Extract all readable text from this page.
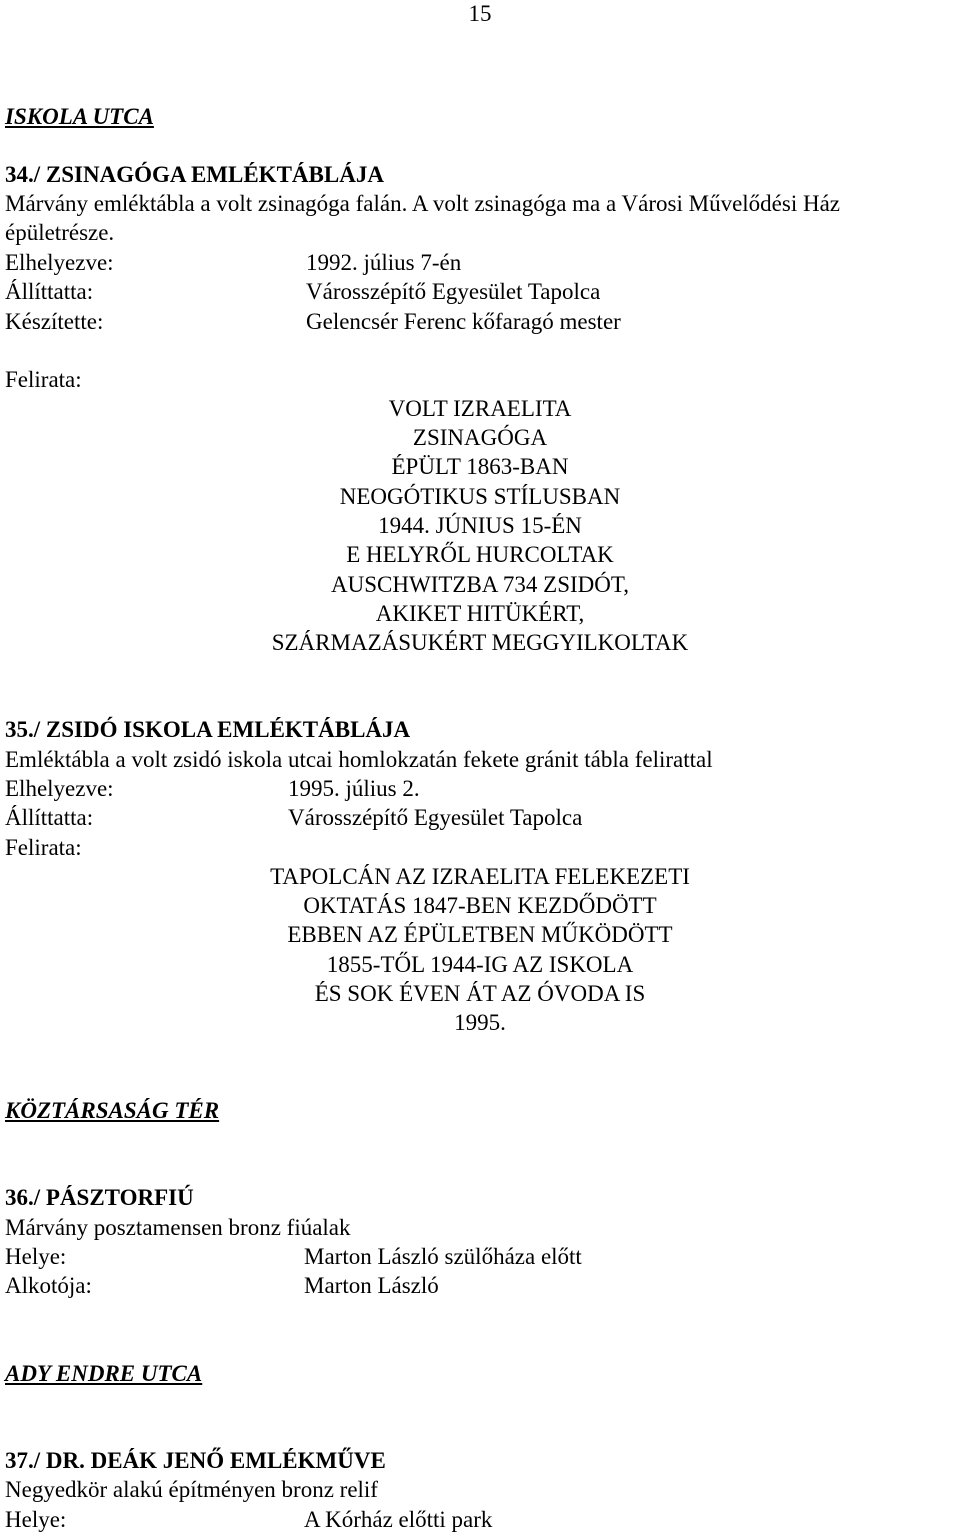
15
ISKOLA UTCA
34./ ZSINAGÓGA EMLÉKTÁBLÁJA
Márvány emléktábla a volt zsinagóga falán. A volt zsinagóga ma a Városi Művelődési Ház
épületrésze.
Elhelyezve:	1992. július 7-én
Állíttatta:	Városszépítő Egyesület Tapolca
Készítette:	Gelencsér Ferenc kőfaragó mester
Felirata:
VOLT IZRAELITA
ZSINAGÓGA
ÉPÜLT 1863-BAN
NEOGÓTIKUS STÍLUSBAN
1944. JÚNIUS 15-ÉN
E HELYRŐL HURCOLTAK
AUSCHWITZBA 734 ZSIDÓT,
AKIKET HITÜKÉRT,
SZÁRMAZÁSUKÉRT MEGGYILKOLTAK
35./ ZSIDÓ ISKOLA EMLÉKTÁBLÁJA
Emléktábla a volt zsidó iskola utcai homlokzatán fekete gránit tábla felirattal
Elhelyezve:	1995. július 2.
Állíttatta:	Városszépítő Egyesület Tapolca
Felirata:
TAPOLCÁN AZ IZRAELITA FELEKEZETI
OKTATÁS 1847-BEN KEZDŐDÖTT
EBBEN AZ ÉPÜLETBEN MŰKÖDÖTT
1855-TŐL 1944-IG AZ ISKOLA
ÉS SOK ÉVEN ÁT AZ ÓVODA IS
1995.
KÖZTÁRSASÁG TÉR
36./ PÁSZTORFIÚ
Márvány posztamensen bronz fiúalak
Helye:	Marton László szülőháza előtt
Alkotója:	Marton László
ADY ENDRE UTCA
37./ DR. DEÁK JENŐ EMLÉKMŰVE
Negyedkör alakú építményen bronz relif
Helye:	A Kórház előtti park
